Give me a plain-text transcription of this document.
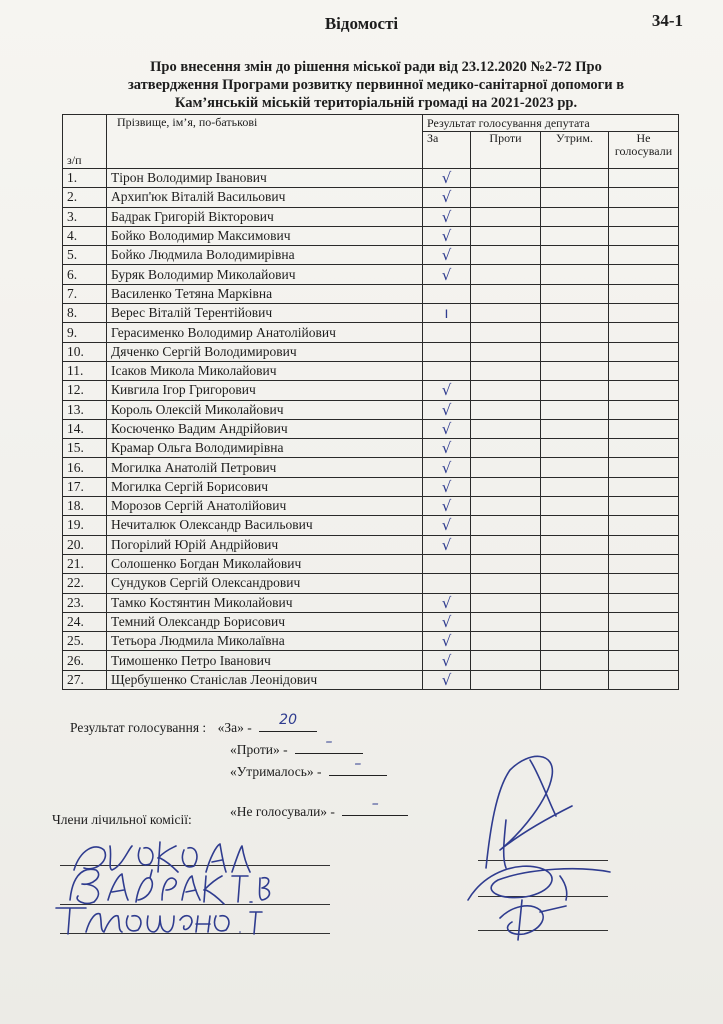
Відомості	34-1
Про внесення змін до рішення міської ради від 23.12.2020 №2-72 Про
затвердження Програми розвитку первинної медико-санітарної допомоги в
Кам’янській міській територіальній громаді на 2021-2023 рр.
з/п	Прізвище, ім’я, по-батькові	Результат голосування депутата			
		За	Проти	Утрим.	Не
голосували

1.	Тірон Володимир Іванович	√			
2.	Архип'юк Віталій Васильович	√			
3.	Бадрак Григорій Вікторович	√			
4.	Бойко Володимир Максимович	√			
5.	Бойко Людмила Володимирівна	√			
6.	Буряк Володимир Миколайович	√			
7.	Василенко Тетяна Марківна				
8.	Верес Віталій Терентійович	ı			
9.	Герасименко Володимир Анатолійович				
10.	Дяченко Сергій Володимирович				
11.	Ісаков Микола Миколайович				
12.	Кивгила Ігор Григорович	√			
13.	Король Олексій Миколайович	√			
14.	Косюченко Вадим Андрійович	√			
15.	Крамар Ольга Володимирівна	√			
16.	Могилка Анатолій Петрович	√			
17.	Могилка Сергій Борисович	√			
18.	Морозов Сергій Анатолійович	√			
19.	Нечиталюк Олександр Васильович	√			
20.	Погорілий Юрій Андрійович	√			
21.	Солошенко Богдан Миколайович				
22.	Сундуков Сергій Олександрович				
23.	Тамко Костянтин Миколайович	√			
24.	Темний Олександр Борисович	√			
25.	Тетьора Людмила Миколаївна	√			
26.	Тимошенко Петро Іванович	√			
27.	Щербушенко Станіслав Леонідович	√			
Результат голосування : «За» - 20
«Проти» -	–
«Утрималось» - –
«Не голосували» -	–
Члени лічильної комісії:
